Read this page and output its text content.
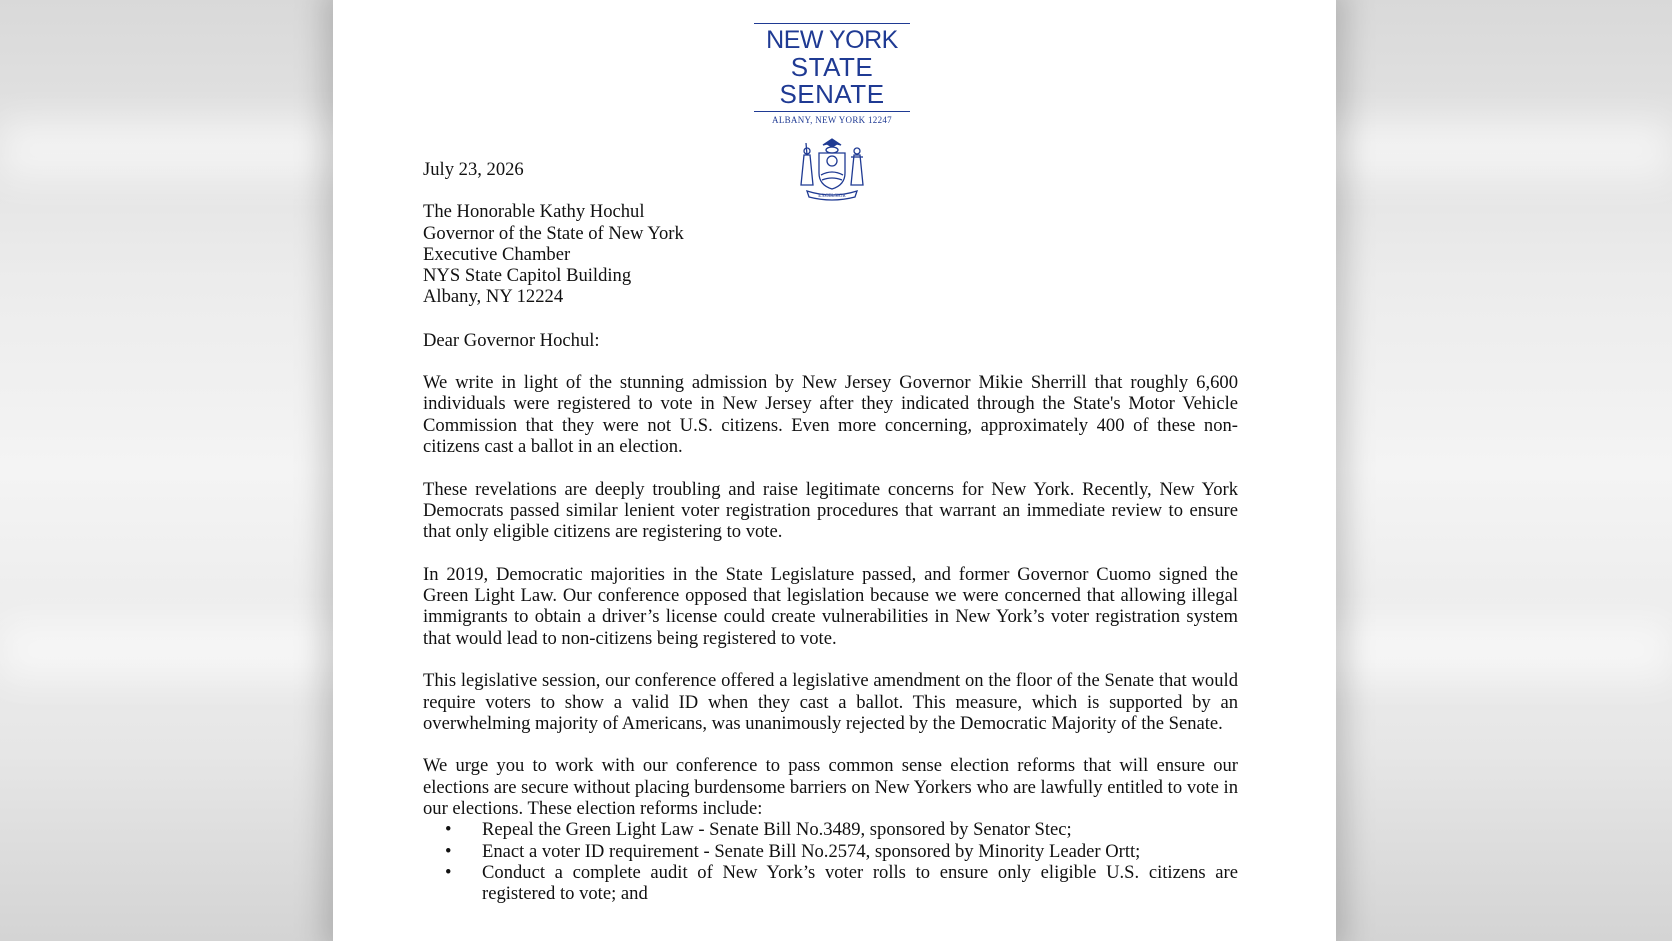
NEW YORK
STATE
SENATE
ALBANY, NEW YORK 12247
EXCELSIOR
July 23, 2026
The Honorable Kathy Hochul
Governor of the State of New York
Executive Chamber
NYS State Capitol Building
Albany, NY 12224
Dear Governor Hochul:

We write in light of the stunning admission by New Jersey Governor Mikie Sherrill that roughly 6,600 individuals were registered to vote in New Jersey after they indicated through the State's Motor Vehicle Commission that they were not U.S. citizens. Even more concerning, approximately 400 of these non-citizens cast a ballot in an election.

These revelations are deeply troubling and raise legitimate concerns for New York. Recently, New York Democrats passed similar lenient voter registration procedures that warrant an immediate review to ensure that only eligible citizens are registering to vote.

In 2019, Democratic majorities in the State Legislature passed, and former Governor Cuomo signed the Green Light Law. Our conference opposed that legislation because we were concerned that allowing illegal immigrants to obtain a driver’s license could create vulnerabilities in New York’s voter registration system that would lead to non-citizens being registered to vote.

This legislative session, our conference offered a legislative amendment on the floor of the Senate that would require voters to show a valid ID when they cast a ballot. This measure, which is supported by an overwhelming majority of Americans, was unanimously rejected by the Democratic Majority of the Senate.

We urge you to work with our conference to pass common sense election reforms that will ensure our elections are secure without placing burdensome barriers on New Yorkers who are lawfully entitled to vote in our elections. These election reforms include:

• Repeal the Green Light Law - Senate Bill No.3489, sponsored by Senator Stec;
• Enact a voter ID requirement - Senate Bill No.2574, sponsored by Minority Leader Ortt;
• Conduct a complete audit of New York’s voter rolls to ensure only eligible U.S. citizens are registered to vote; and
